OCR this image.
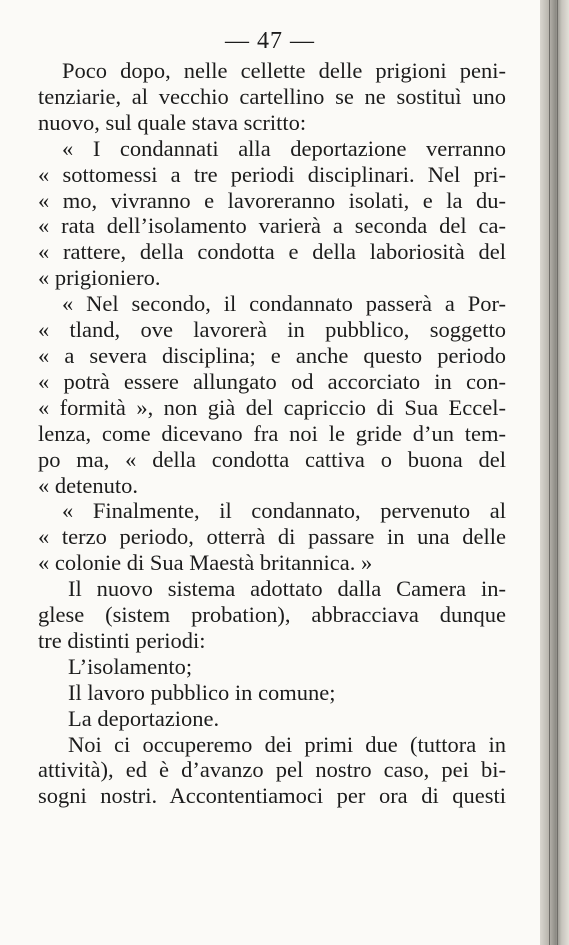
— 47 —
Poco dopo, nelle cellette delle prigioni peni-
tenziarie, al vecchio cartellino se ne sostituì uno
nuovo, sul quale stava scritto:
« I condannati alla deportazione verranno
« sottomessi a tre periodi disciplinari. Nel pri-
« mo, vivranno e lavoreranno isolati, e la du-
« rata dell’isolamento varierà a seconda del ca-
« rattere, della condotta e della laboriosità del
« prigioniero.
« Nel secondo, il condannato passerà a Por-
« tland, ove lavorerà in pubblico, soggetto
« a severa disciplina; e anche questo periodo
« potrà essere allungato od accorciato in con-
« formità », non già del capriccio di Sua Eccel-
lenza, come dicevano fra noi le gride d’un tem-
po ma, « della condotta cattiva o buona del
« detenuto.
« Finalmente, il condannato, pervenuto al
« terzo periodo, otterrà di passare in una delle
« colonie di Sua Maestà britannica. »
Il nuovo sistema adottato dalla Camera in-
glese (sistem probation), abbracciava dunque
tre distinti periodi:
L’isolamento;
Il lavoro pubblico in comune;
La deportazione.
Noi ci occuperemo dei primi due (tuttora in
attività), ed è d’avanzo pel nostro caso, pei bi-
sogni nostri. Accontentiamoci per ora di questi
